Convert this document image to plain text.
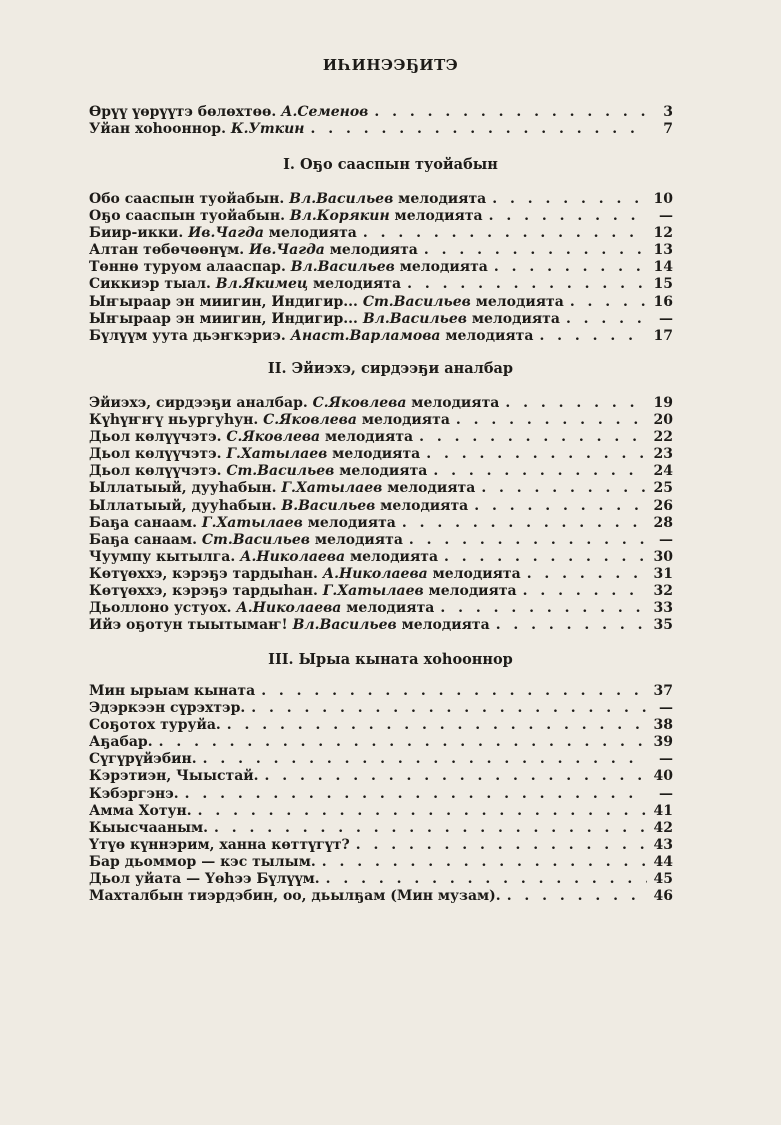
ИҺИНЭЭҔИТЭ
Өрүү үөрүүтэ бөлөхтөө. А.Семенов . . .	3
Уйан хоһоонноp. К.Уткин . . .	7
I. Оҕо сааспын туойабын
Обо сааспын туойабын. Вл.Васильев мелодиятa . . .	10
Оҕо сааспын туойабын. Вл.Корякин мелодиятa . . .	—
Биир-икки. Ив.Чагда мелодиятa . . .	12
Алтан төбөчөөнүм. Ив.Чагда мелодиятa . . .	13
Төннө туруом алаaспар. Вл.Васильев мелодиятa . . .	14
Сиккиэр тыал. Вл.Якимец мелодиятa . . .	15
Ыҥыраар эн миигин, Индигир... Ст.Васильев мелодиятa . . .	16
Ыҥыраар эн миигин, Индигир... Вл.Васильев мелодиятa . . .	—
Бүлүүм уута дьэҥкэриэ. Анаст.Варламова мелодиятa . . .	17
II. Эйиэхэ, сирдээҕи аналбар
Эйиэхэ, сирдээҕи аналбар. С.Яковлева мелодиятa . . .	19
Күһүҥҥү ньургуһун. С.Яковлева мелодиятa . . .	20
Дьол көлүүчэтэ. С.Яковлева мелодиятa . . .	22
Дьол көлүүчэтэ. Г.Хатылаев мелодиятa . . .	23
Дьол көлүүчэтэ. Ст.Васильев мелодиятa . . .	24
Ыллатыый, дууһабын. Г.Хатылаев мелодиятa . . .	25
Ыллатыый, дууһабын. В.Васильев мелодиятa . . .	26
Баҕа санаам. Г.Хатылаев мелодиятa . . .	28
Баҕа санаам. Ст.Васильев мелодиятa . . .	—
Чуумпу кытылга. А.Николаева мелодиятa . . .	30
Көтүөххэ, кэрэҕэ тардыһан. А.Николаева мелодиятa . . .	31
Көтүөххэ, кэрэҕэ тардыһан. Г.Хатылаев мелодиятa . . .	32
Дьоллоно устуох. А.Николаева мелодиятa . . .	33
Ийэ оҕотун тыытымаҥ! Вл.Васильев мелодиятa . . .	35
III. Ырыа кыната хоһооннор
Мин ырыам кыната . . .	37
Эдэркээн сүрэхтэр. . . .	—
Соҕотох туруйа. . . .	38
Аҕабар. . . .	39
Сүгүрүйэбин. . . .	—
Кэрэтиэн, Чыыстай. . . .	40
Кэбэргэнэ. . . .	—
Амма Хотун. . . .	41
Кыысчааным. . . .	42
Үтүө күннэрим, ханна көттүгүт? . . .	43
Бар дьоммор — кэс тылым. . . .	44
Дьол уйата — Үөһээ Бүлүүм. . . .	45
Махталбын тиэрдэбин, оо, дьылҕам (Мин музам). . . .	46
